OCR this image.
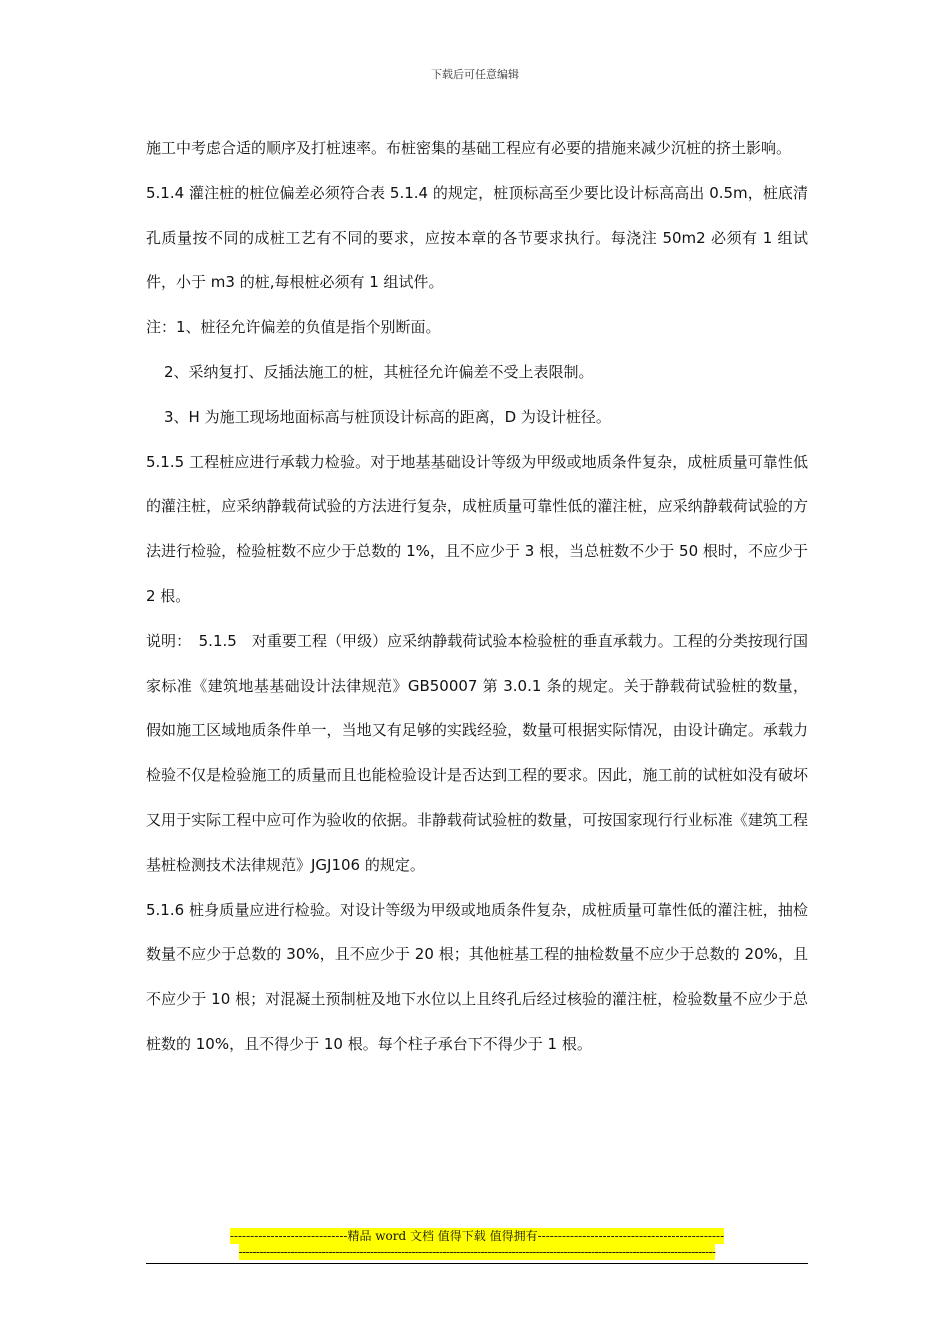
下载后可任意编辑

施工中考虑合适的顺序及打桩速率。布桩密集的基础工程应有必要的措施来减少沉桩的挤土影响。

5.1.4 灌注桩的桩位偏差必须符合表 5.1.4 的规定，桩顶标高至少要比设计标高高出 0.5m，桩底清孔质量按不同的成桩工艺有不同的要求，应按本章的各节要求执行。每浇注 50m2 必须有 1 组试件，小于 m3 的桩,每根桩必须有 1 组试件。

注：1、桩径允许偏差的负值是指个别断面。

2、采纳复打、反插法施工的桩，其桩径允许偏差不受上表限制。

3、H 为施工现场地面标高与桩顶设计标高的距离，D 为设计桩径。

5.1.5 工程桩应进行承载力检验。对于地基基础设计等级为甲级或地质条件复杂，成桩质量可靠性低的灌注桩，应采纳静载荷试验的方法进行复杂，成桩质量可靠性低的灌注桩，应采纳静载荷试验的方法进行检验，检验桩数不应少于总数的 1%，且不应少于 3 根，当总桩数不少于 50 根时，不应少于 2 根。

说明：　5.1.5　对重要工程（甲级）应采纳静载荷试验本检验桩的垂直承载力。工程的分类按现行国家标准《建筑地基基础设计法律规范》GB50007 第 3.0.1 条的规定。关于静载荷试验桩的数量，假如施工区域地质条件单一，当地又有足够的实践经验，数量可根据实际情况，由设计确定。承载力检验不仅是检验施工的质量而且也能检验设计是否达到工程的要求。因此，施工前的试桩如没有破坏又用于实际工程中应可作为验收的依据。非静载荷试验桩的数量，可按国家现行行业标准《建筑工程基桩检测技术法律规范》JGJ106 的规定。

5.1.6 桩身质量应进行检验。对设计等级为甲级或地质条件复杂，成桩质量可靠性低的灌注桩，抽检数量不应少于总数的 30%，且不应少于 20 根；其他桩基工程的抽检数量不应少于总数的 20%，且不应少于 10 根；对混凝土预制桩及地下水位以上且终孔后经过核验的灌注桩，检验数量不应少于总桩数的 10%，且不得少于 10 根。每个柱子承台下不得少于 1 根。

-----------------------------精品 word 文档 值得下载 值得拥有----------------------------------------------
------------------------------------------------------------------------------------------------------------------------------------------
